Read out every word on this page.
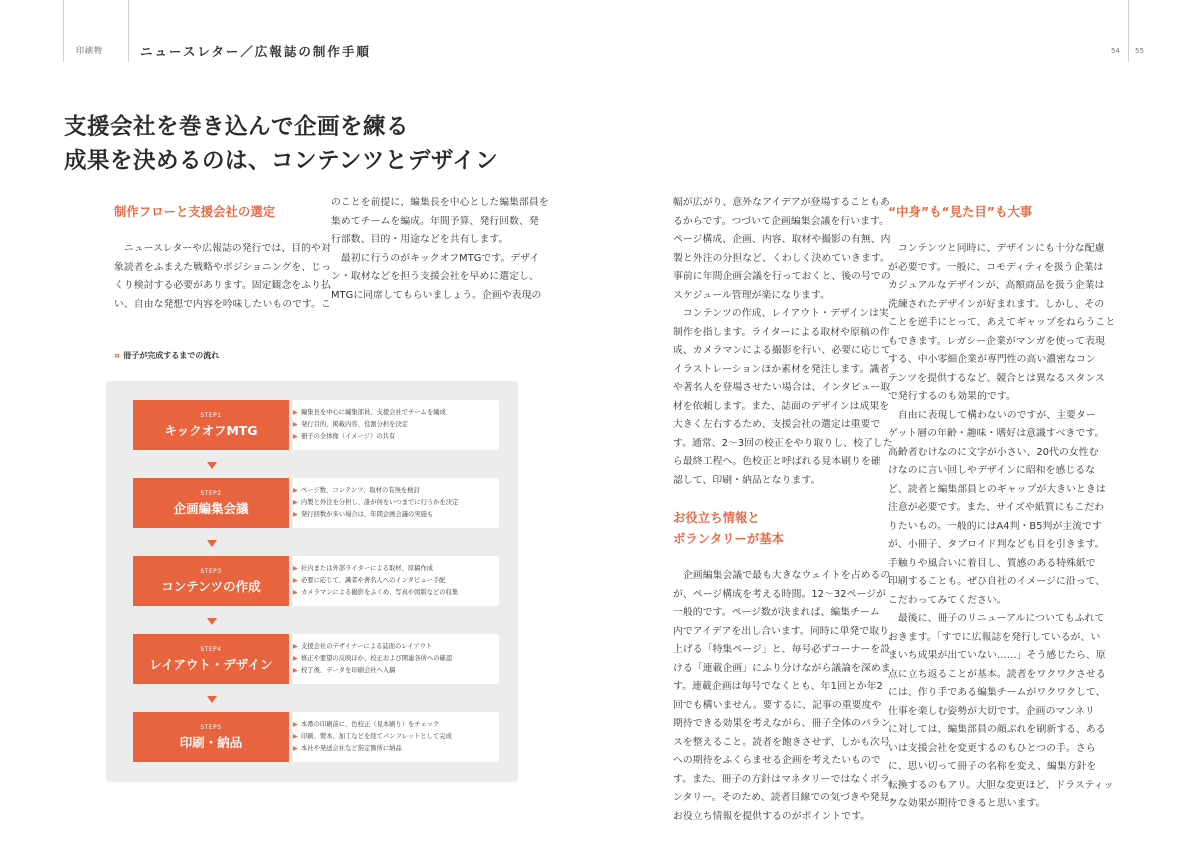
印刷物	ニュースレター／広報誌の制作手順	54 55
支援会社を巻き込んで企画を練る
成果を決めるのは、コンテンツとデザイン
制作フローと支援会社の選定
　ニュースレターや広報誌の発行では、目的や対
象読者をふまえた戦略やポジショニングを、じっ
くり検討する必要があります。固定観念をふり払
い、自由な発想で内容を吟味したいものです。こ
のことを前提に、編集長を中心とした編集部員を
集めてチームを編成。年間予算、発行回数、発
行部数、目的・用途などを共有します。
　最初に行うのがキックオフMTGです。デザイ
ン・取材などを担う支援会社を早めに選定し、
MTGに同席してもらいましょう。企画や表現の
⠶ 冊子が完成するまでの流れ
STEP1
キックオフMTG
▶ 編集長を中心に編集部員、支援会社でチームを編成
▶ 発行目的、掲載内容、役割分担を決定
▶ 冊子の全体像（イメージ）の共有
STEP2
企画編集会議
▶ ページ数、コンテンツ、取材の有無を検討
▶ 内製と外注を分担し、誰が何をいつまでに行うかを決定
▶ 発行回数が多い場合は、年間企画会議の実施も
STEP3
コンテンツの作成
▶ 社内または外部ライターによる取材、原稿作成
▶ 必要に応じて、識者や著名人へのインタビュー手配
▶ カメラマンによる撮影をふくめ、写真や図版などの収集
STEP4
レイアウト・デザイン
▶ 支援会社のデザイナーによる誌面のレイアウト
▶ 修正や要望の反映ほか、校正および関連各所への確認
▶ 校了後、データを印刷会社へ入稿
STEP5
印刷・納品
▶ 本番の印刷前に、色校正（見本刷り）をチェック
▶ 印刷、製本、加工などを経てパンフレットとして完成
▶ 本社や発送会社など指定箇所に納品
幅が広がり、意外なアイデアが登場することもあ
るからです。つづいて企画編集会議を行います。
ページ構成、企画、内容、取材や撮影の有無、内
製と外注の分担など、くわしく決めていきます。
事前に年間企画会議を行っておくと、後の号での
スケジュール管理が楽になります。
　コンテンツの作成、レイアウト・デザインは実
制作を指します。ライターによる取材や原稿の作
成、カメラマンによる撮影を行い、必要に応じて
イラストレーションほか素材を発注します。識者
や著名人を登場させたい場合は、インタビュー取
材を依頼します。また、誌面のデザインは成果を
大きく左右するため、支援会社の選定は重要で
す。通常、2〜3回の校正をやり取りし、校了した
ら最終工程へ。色校正と呼ばれる見本刷りを確
認して、印刷・納品となります。
お役立ち情報と
ボランタリーが基本
　企画編集会議で最も大きなウェイトを占めるの
が、ページ構成を考える時間。12〜32ページが
一般的です。ページ数が決まれば、編集チーム
内でアイデアを出し合います。同時に単発で取り
上げる「特集ページ」と、毎号必ずコーナーを設
ける「連載企画」にふり分けながら議論を深めま
す。連載企画は毎号でなくとも、年1回とか年2
回でも構いません。要するに、記事の重要度や
期待できる効果を考えながら、冊子全体のバラン
スを整えること。読者を飽きさせず、しかも次号
への期待をふくらませる企画を考えたいもので
す。また、冊子の方針はマネタリーではなくボラ
ンタリー。そのため、読者目線での気づきや発見、
お役立ち情報を提供するのがポイントです。
“中身”も“見た目”も大事
　コンテンツと同時に、デザインにも十分な配慮
が必要です。一般に、コモディティを扱う企業は
カジュアルなデザインが、高額商品を扱う企業は
洗練されたデザインが好まれます。しかし、その
ことを逆手にとって、あえてギャップをねらうこと
もできます。レガシー企業がマンガを使って表現
する、中小零細企業が専門性の高い濃密なコン
テンツを提供するなど、競合とは異なるスタンス
で発行するのも効果的です。
　自由に表現して構わないのですが、主要ター
ゲット層の年齢・趣味・嗜好は意識すべきです。
高齢者むけなのに文字が小さい、20代の女性む
けなのに言い回しやデザインに昭和を感じるな
ど、読者と編集部員とのギャップが大きいときは
注意が必要です。また、サイズや紙質にもこだわ
りたいもの。一般的にはA4判・B5判が主流です
が、小冊子、タブロイド判なども目を引きます。
手触りや風合いに着目し、質感のある特殊紙で
印刷することも。ぜひ自社のイメージに沿って、
こだわってみてください。
　最後に、冊子のリニューアルについてもふれて
おきます。「すでに広報誌を発行しているが、い
まいち成果が出ていない……」そう感じたら、原
点に立ち返ることが基本。読者をワクワクさせる
には、作り手である編集チームがワクワクして、
仕事を楽しむ姿勢が大切です。企画のマンネリ
に対しては、編集部員の顔ぶれを刷新する、ある
いは支援会社を変更するのもひとつの手。さら
に、思い切って冊子の名称を変え、編集方針を
転換するのもアリ。大胆な変更ほど、ドラスティッ
クな効果が期待できると思います。
